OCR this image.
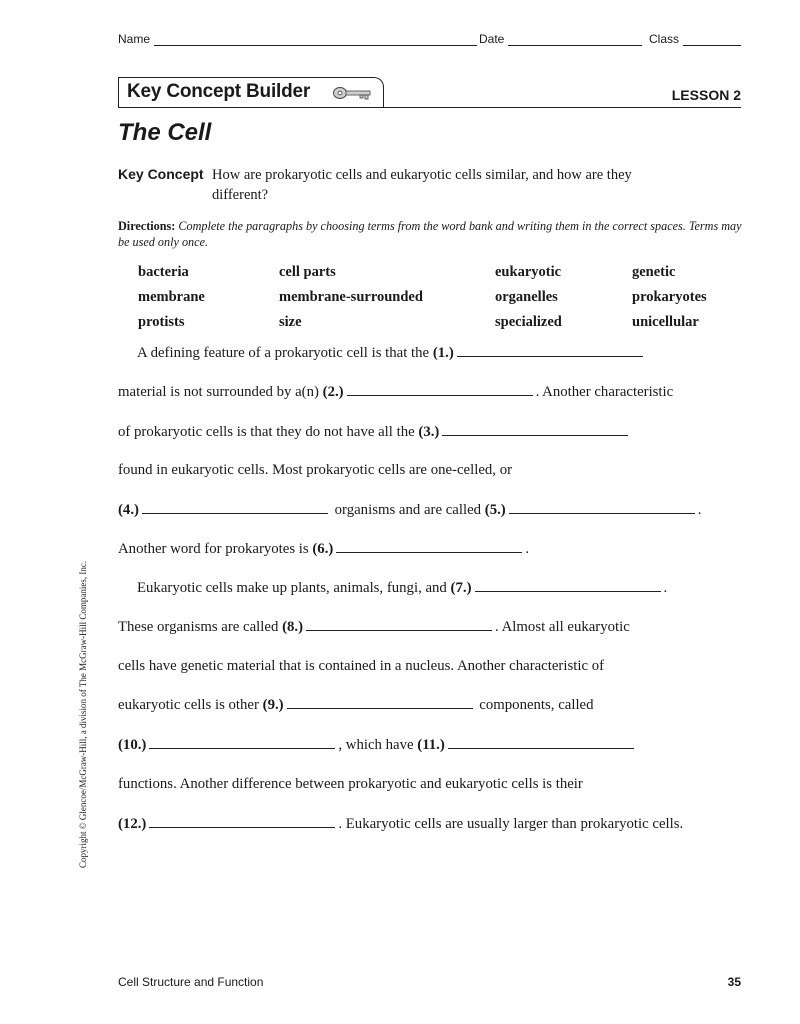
Name	Date	Class
Key Concept Builder	LESSON 2
The Cell
Key Concept How are prokaryotic cells and eukaryotic cells similar, and how are they different?
Directions: Complete the paragraphs by choosing terms from the word bank and writing them in the correct spaces. Terms may be used only once.
bacteria	cell parts	eukaryotic	genetic
membrane	membrane-surrounded	organelles	prokaryotes
protists	size	specialized	unicellular
A defining feature of a prokaryotic cell is that the (1.)
material is not surrounded by a(n) (2.)	. Another characteristic
of prokaryotic cells is that they do not have all the (3.)
found in eukaryotic cells. Most prokaryotic cells are one-celled, or
(4.)	organisms and are called (5.)	.
Another word for prokaryotes is (6.)	.
Eukaryotic cells make up plants, animals, fungi, and (7.)	.
These organisms are called (8.)	. Almost all eukaryotic
cells have genetic material that is contained in a nucleus. Another characteristic of
eukaryotic cells is other (9.)	components, called
(10.)	, which have (11.)
functions. Another difference between prokaryotic and eukaryotic cells is their
(12.)	. Eukaryotic cells are usually larger than prokaryotic cells.
Copyright © Glencoe/McGraw-Hill, a division of The McGraw-Hill Companies, Inc.
Cell Structure and Function	35
